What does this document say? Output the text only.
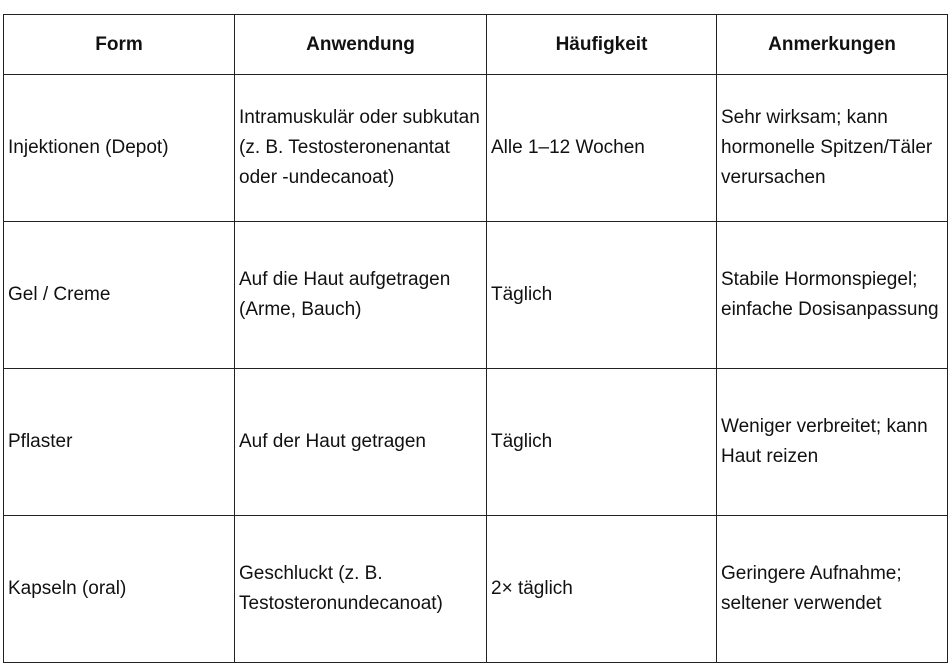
Form	Anwendung	Häufigkeit	Anmerkungen
Injektionen (Depot)	Intramuskulär oder subkutan (z. B. Testosteronenantat oder -undecanoat)	Alle 1–12 Wochen	Sehr wirksam; kann hormonelle Spitzen/Täler verursachen
Gel / Creme	Auf die Haut aufgetragen (Arme, Bauch)	Täglich	Stabile Hormonspiegel; einfache Dosisanpassung
Pflaster	Auf der Haut getragen	Täglich	Weniger verbreitet; kann Haut reizen
Kapseln (oral)	Geschluckt (z. B. Testosteronundecanoat)	2× täglich	Geringere Aufnahme; seltener verwendet
